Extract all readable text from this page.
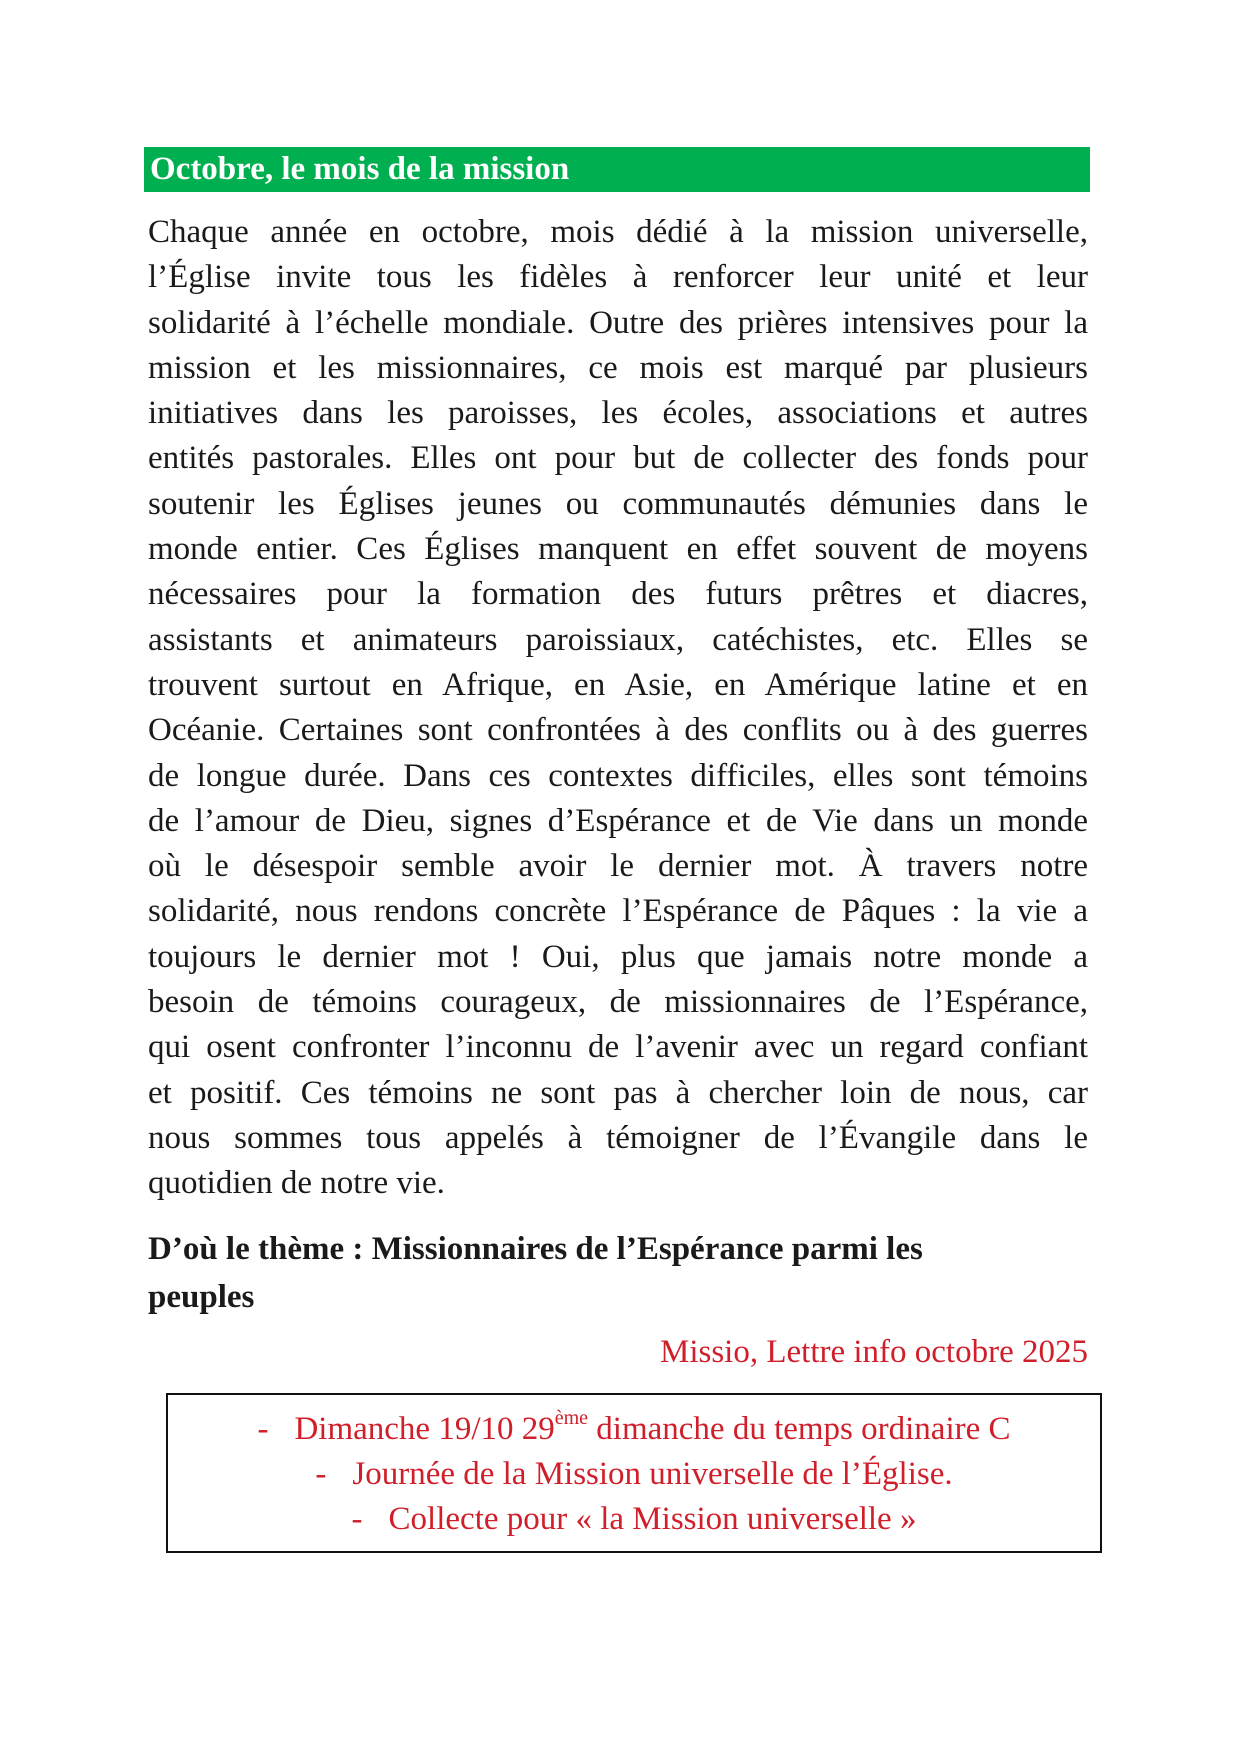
Octobre, le mois de la mission
Chaque année en octobre, mois dédié à la mission universelle,
l’Église invite tous les fidèles à renforcer leur unité et leur
solidarité à l’échelle mondiale. Outre des prières intensives pour la
mission et les missionnaires, ce mois est marqué par plusieurs
initiatives dans les paroisses, les écoles, associations et autres
entités pastorales. Elles ont pour but de collecter des fonds pour
soutenir les Églises jeunes ou communautés démunies dans le
monde entier. Ces Églises manquent en effet souvent de moyens
nécessaires pour la formation des futurs prêtres et diacres,
assistants et animateurs paroissiaux, catéchistes, etc. Elles se
trouvent surtout en Afrique, en Asie, en Amérique latine et en
Océanie. Certaines sont confrontées à des conflits ou à des guerres
de longue durée. Dans ces contextes difficiles, elles sont témoins
de l’amour de Dieu, signes d’Espérance et de Vie dans un monde
où le désespoir semble avoir le dernier mot. À travers notre
solidarité, nous rendons concrète l’Espérance de Pâques : la vie a
toujours le dernier mot ! Oui, plus que jamais notre monde a
besoin de témoins courageux, de missionnaires de l’Espérance,
qui osent confronter l’inconnu de l’avenir avec un regard confiant
et positif. Ces témoins ne sont pas à chercher loin de nous, car
nous sommes tous appelés à témoigner de l’Évangile dans le
quotidien de notre vie.
D’où le thème : Missionnaires de l’Espérance parmi les
peuples
Missio, Lettre info octobre 2025
- Dimanche 19/10 29ème dimanche du temps ordinaire C
- Journée de la Mission universelle de l’Église.
- Collecte pour « la Mission universelle »
